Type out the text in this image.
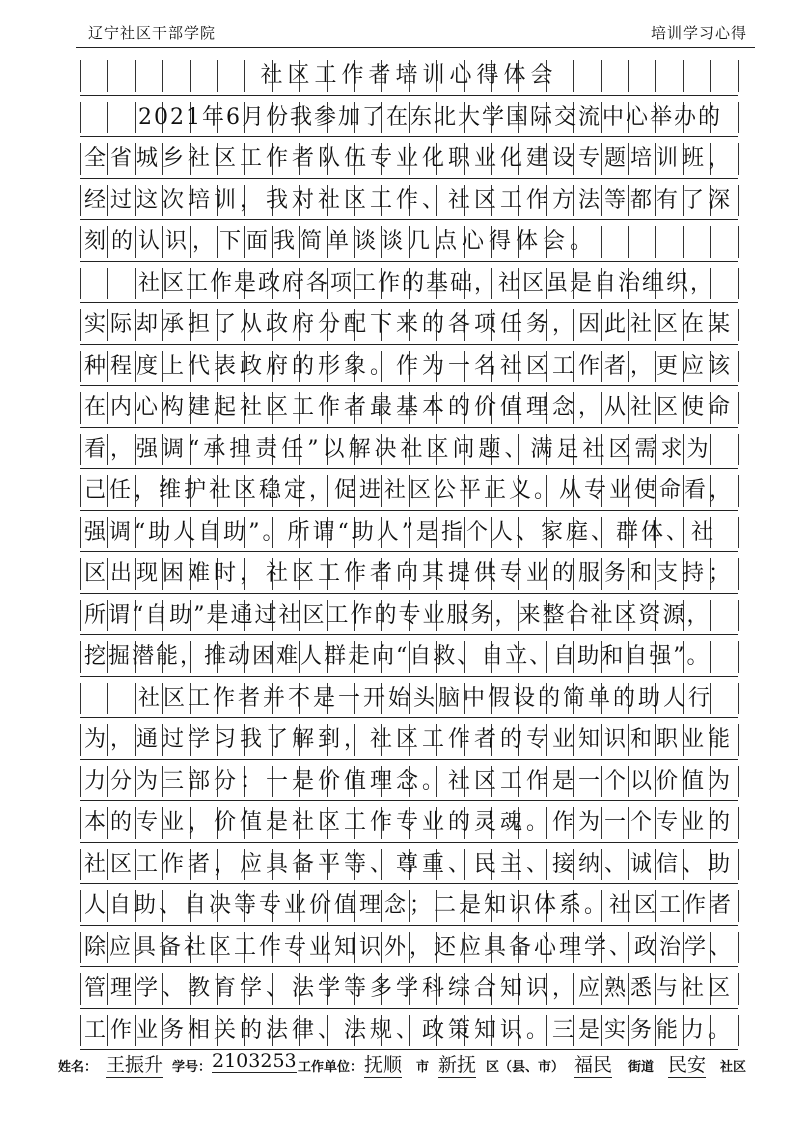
辽宁社区干部学院	培训学习心得
社区工作者培训心得体会
2021年6月份我参加了在东北大学国际交流中心举办的
全省城乡社区工作者队伍专业化职业化建设专题培训班，
经过这次培训，我对社区工作、社区工作方法等都有了深
刻的认识，下面我简单谈谈几点心得体会。
社区工作是政府各项工作的基础，社区虽是自治组织，
实际却承担了从政府分配下来的各项任务，因此社区在某
种程度上代表政府的形象。作为一名社区工作者，更应该
在内心构建起社区工作者最基本的价值理念，从社区使命
看，强调“承担责任”以解决社区问题、满足社区需求为
己任，维护社区稳定，促进社区公平正义。从专业使命看，
强调“助人自助”。所谓“助人”是指个人、家庭、群体、社
区出现困难时，社区工作者向其提供专业的服务和支持；
所谓“自助”是通过社区工作的专业服务，来整合社区资源，
挖掘潜能，推动困难人群走向“自救、自立、自助和自强”。
社区工作者并不是一开始头脑中假设的简单的助人行
为，通过学习我了解到，社区工作者的专业知识和职业能
力分为三部分：一是价值理念。社区工作是一个以价值为
本的专业，价值是社区工作专业的灵魂。作为一个专业的
社区工作者，应具备平等、尊重、民主、接纳、诚信、助
人自助、自决等专业价值理念；二是知识体系。社区工作者
除应具备社区工作专业知识外，还应具备心理学、政治学、
管理学、教育学、法学等多学科综合知识，应熟悉与社区
工作业务相关的法律、法规、政策知识。三是实务能力。
姓名： 王振升 学号： 2103253 工作单位： 抚顺 市 新抚 区（县、市） 福民 街道 民安 社区
